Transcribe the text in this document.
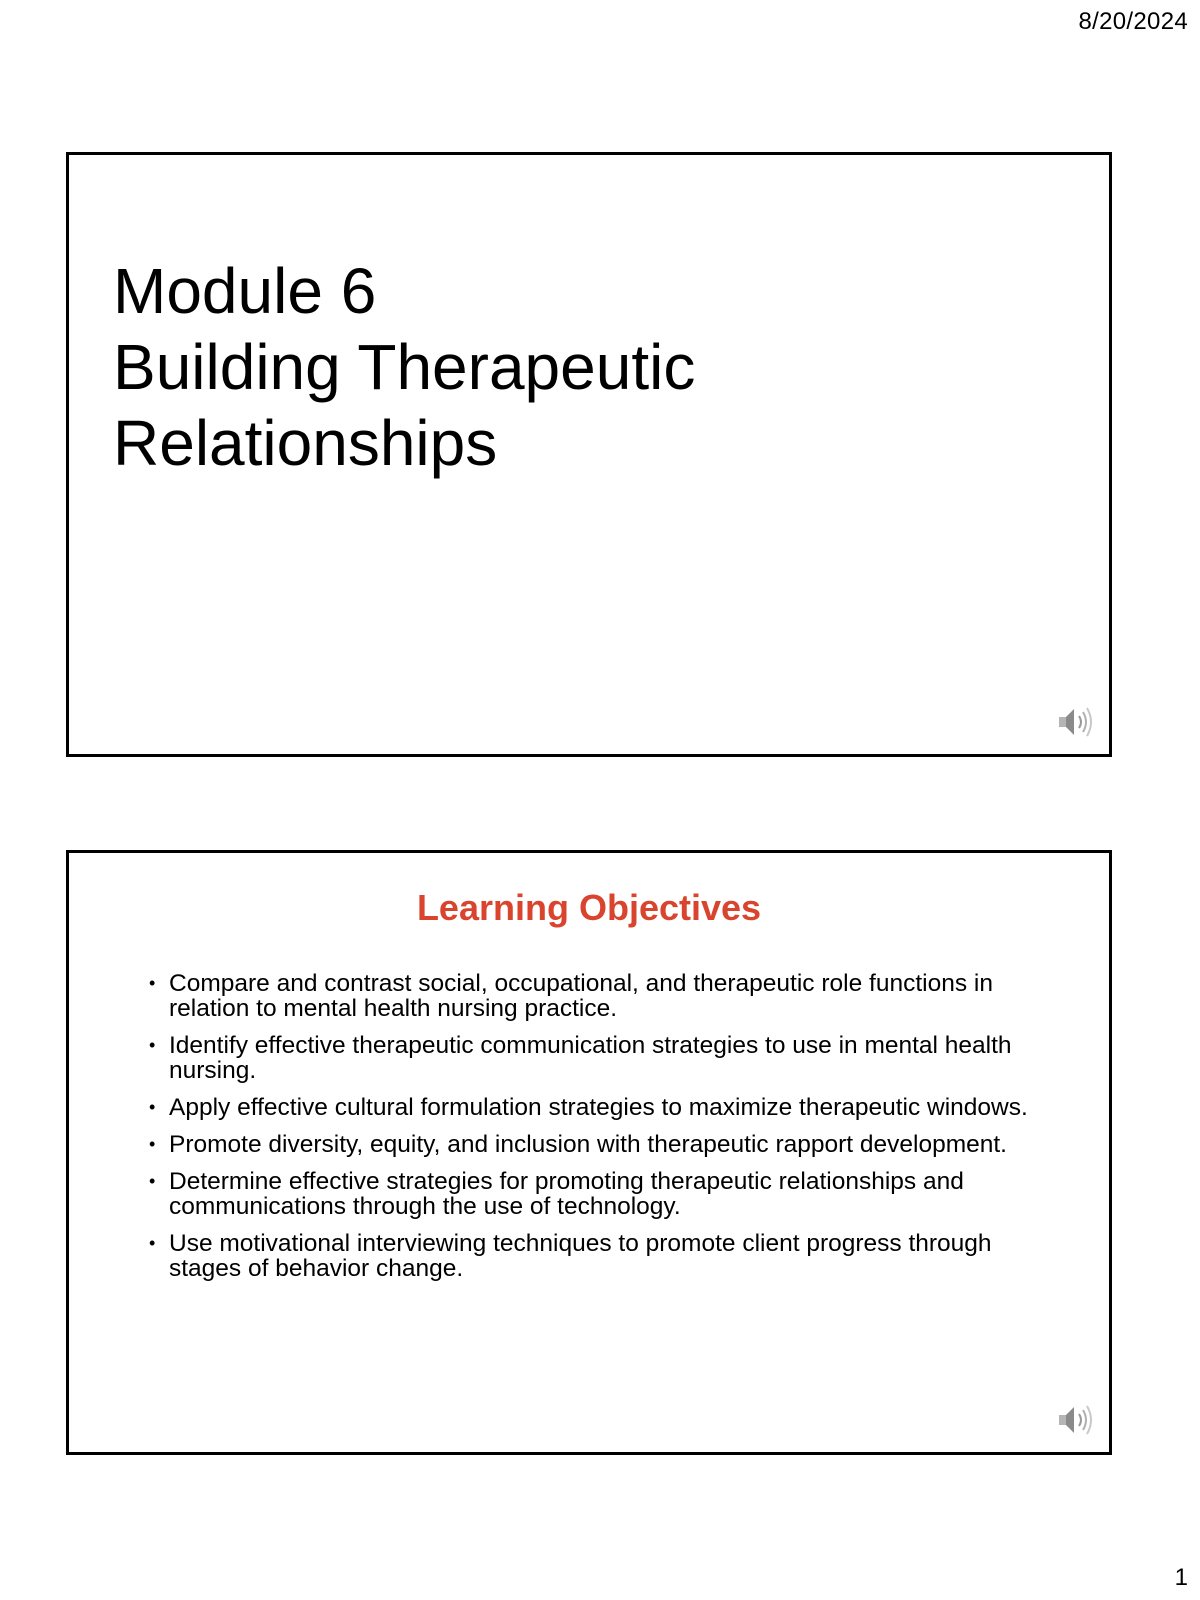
8/20/2024
Module 6
Building Therapeutic
Relationships
Learning Objectives
• Compare and contrast social, occupational, and therapeutic role functions in relation to mental health nursing practice.
• Identify effective therapeutic communication strategies to use in mental health nursing.
• Apply effective cultural formulation strategies to maximize therapeutic windows.
• Promote diversity, equity, and inclusion with therapeutic rapport development.
• Determine effective strategies for promoting therapeutic relationships and communications through the use of technology.
• Use motivational interviewing techniques to promote client progress through stages of behavior change.
1
